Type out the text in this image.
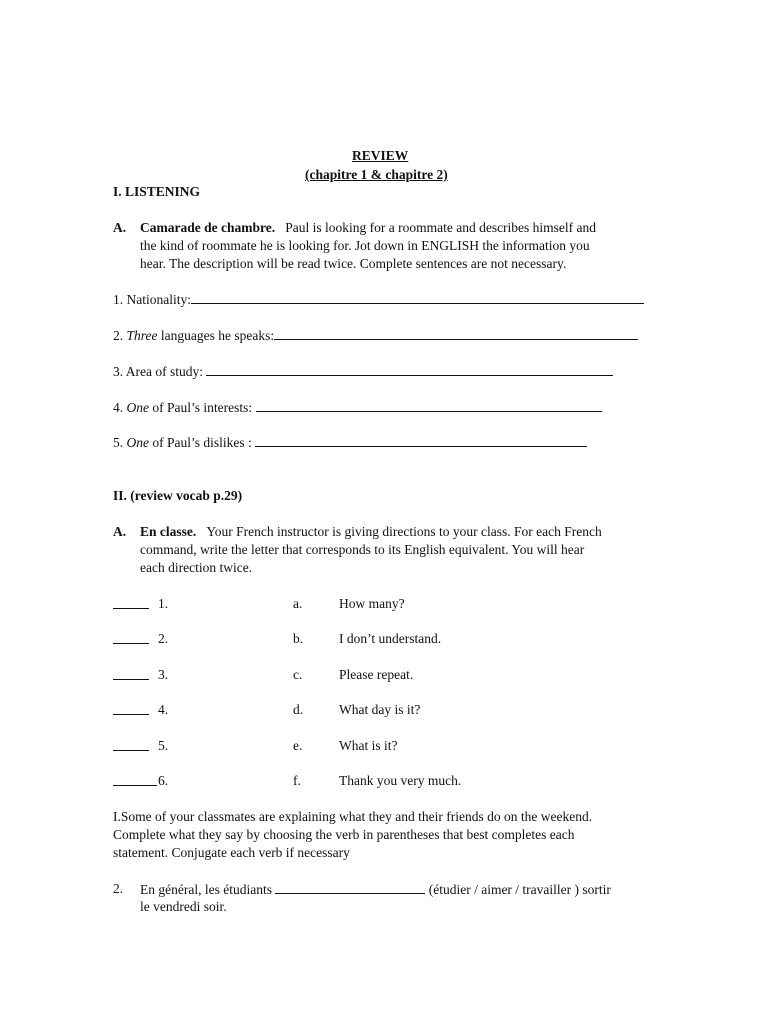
REVIEW
(chapitre 1 & chapitre 2)
I. LISTENING
A. Camarade de chambre. Paul is looking for a roommate and describes himself and
the kind of roommate he is looking for. Jot down in ENGLISH the information you
hear. The description will be read twice. Complete sentences are not necessary.
1. Nationality:
2. Three languages he speaks:
3. Area of study:
4. One of Paul’s interests:
5. One of Paul’s dislikes :
II. (review vocab p.29)
A. En classe. Your French instructor is giving directions to your class. For each French
command, write the letter that corresponds to its English equivalent. You will hear
each direction twice.
1.	a.	How many?
2.	b.	I don’t understand.
3.	c.	Please repeat.
4.	d.	What day is it?
5.	e.	What is it?
6.	f.	Thank you very much.
I.Some of your classmates are explaining what they and their friends do on the weekend.
Complete what they say by choosing the verb in parentheses that best completes each
statement. Conjugate each verb if necessary
2. En général, les étudiants	(étudier / aimer / travailler ) sortir
le vendredi soir.
